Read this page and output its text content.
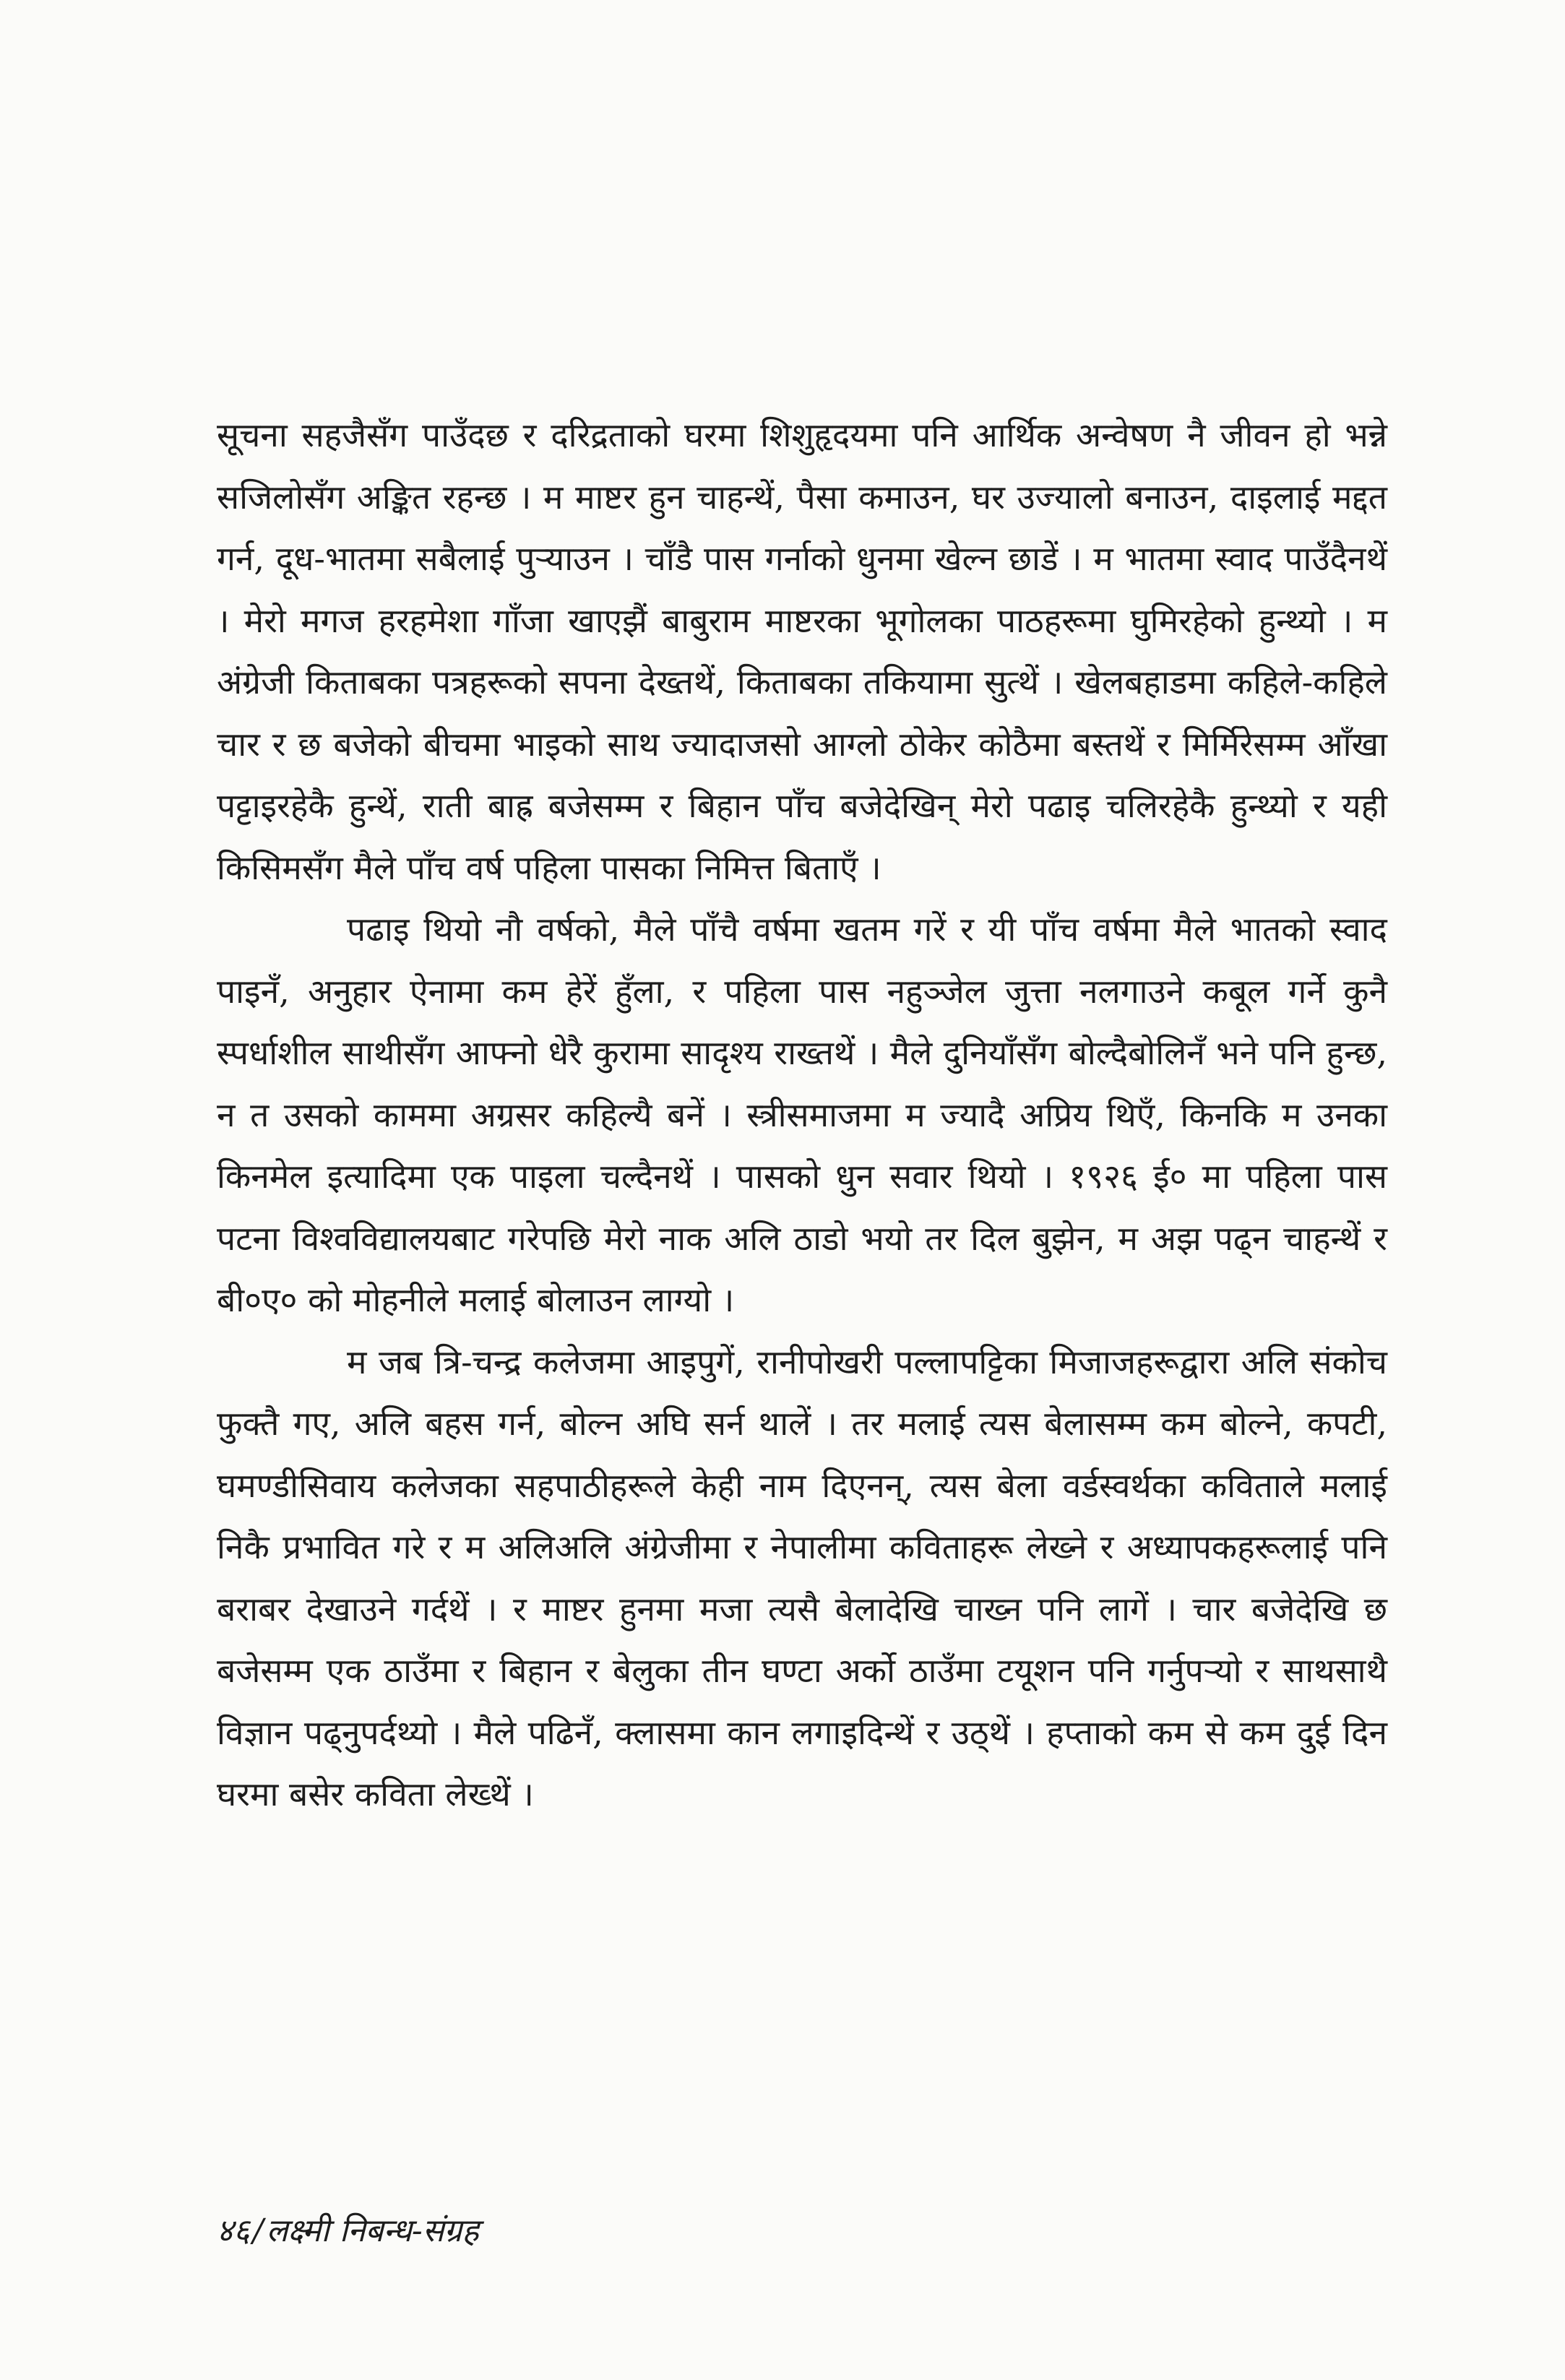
सूचना सहजैसँग पाउँदछ र दरिद्रताको घरमा शिशुहृदयमा पनि आर्थिक अन्वेषण नै जीवन हो भन्ने सजिलोसँग अङ्कित रहन्छ । म माष्टर हुन चाहन्थें, पैसा कमाउन, घर उज्यालो बनाउन, दाइलाई मद्दत गर्न, दूध-भातमा सबैलाई पुऱ्याउन । चाँडै पास गर्नाको धुनमा खेल्न छाडें । म भातमा स्वाद पाउँदैनथें । मेरो मगज हरहमेशा गाँजा खाएझैं बाबुराम माष्टरका भूगोलका पाठहरूमा घुमिरहेको हुन्थ्यो । म अंग्रेजी किताबका पत्रहरूको सपना देख्तथें, किताबका तकियामा सुत्थें । खेलबहाडमा कहिले-कहिले चार र छ बजेको बीचमा भाइको साथ ज्यादाजसो आग्लो ठोकेर कोठैमा बस्तथें र मिर्मिरेसम्म आँखा पट्टाइरहेकै हुन्थें, राती बाह्र बजेसम्म र बिहान पाँच बजेदेखिन् मेरो पढाइ चलिरहेकै हुन्थ्यो र यही किसिमसँग मैले पाँच वर्ष पहिला पासका निमित्त बिताएँ ।

पढाइ थियो नौ वर्षको, मैले पाँचै वर्षमा खतम गरें र यी पाँच वर्षमा मैले भातको स्वाद पाइनँ, अनुहार ऐनामा कम हेरें हुँला, र पहिला पास नहुञ्जेल जुत्ता नलगाउने कबूल गर्ने कुनै स्पर्धाशील साथीसँग आफ्नो धेरै कुरामा सादृश्य राख्तथें । मैले दुनियाँसँग बोल्दैबोलिनँ भने पनि हुन्छ, न त उसको काममा अग्रसर कहिल्यै बनें । स्त्रीसमाजमा म ज्यादै अप्रिय थिएँ, किनकि म उनका किनमेल इत्यादिमा एक पाइला चल्दैनथें । पासको धुन सवार थियो । १९२६ ई० मा पहिला पास पटना विश्वविद्यालयबाट गरेपछि मेरो नाक अलि ठाडो भयो तर दिल बुझेन, म अझ पढ्न चाहन्थें र बी०ए० को मोहनीले मलाई बोलाउन लाग्यो ।

म जब त्रि-चन्द्र कलेजमा आइपुगें, रानीपोखरी पल्लापट्टिका मिजाजहरूद्वारा अलि संकोच फुक्तै गए, अलि बहस गर्न, बोल्न अघि सर्न थालें । तर मलाई त्यस बेलासम्म कम बोल्ने, कपटी, घमण्डीसिवाय कलेजका सहपाठीहरूले केही नाम दिएनन्, त्यस बेला वर्डस्वर्थका कविताले मलाई निकै प्रभावित गरे र म अलिअलि अंग्रेजीमा र नेपालीमा कविताहरू लेख्ने र अध्यापकहरूलाई पनि बराबर देखाउने गर्दथें । र माष्टर हुनमा मजा त्यसै बेलादेखि चाख्न पनि लागें । चार बजेदेखि छ बजेसम्म एक ठाउँमा र बिहान र बेलुका तीन घण्टा अर्को ठाउँमा टयूशन पनि गर्नुपऱ्यो र साथसाथै विज्ञान पढ्नुपर्दथ्यो । मैले पढिनँ, क्लासमा कान लगाइदिन्थें र उठ्थें । हप्ताको कम से कम दुई दिन घरमा बसेर कविता लेख्थें ।

४६/लक्ष्मी निबन्ध-संग्रह
